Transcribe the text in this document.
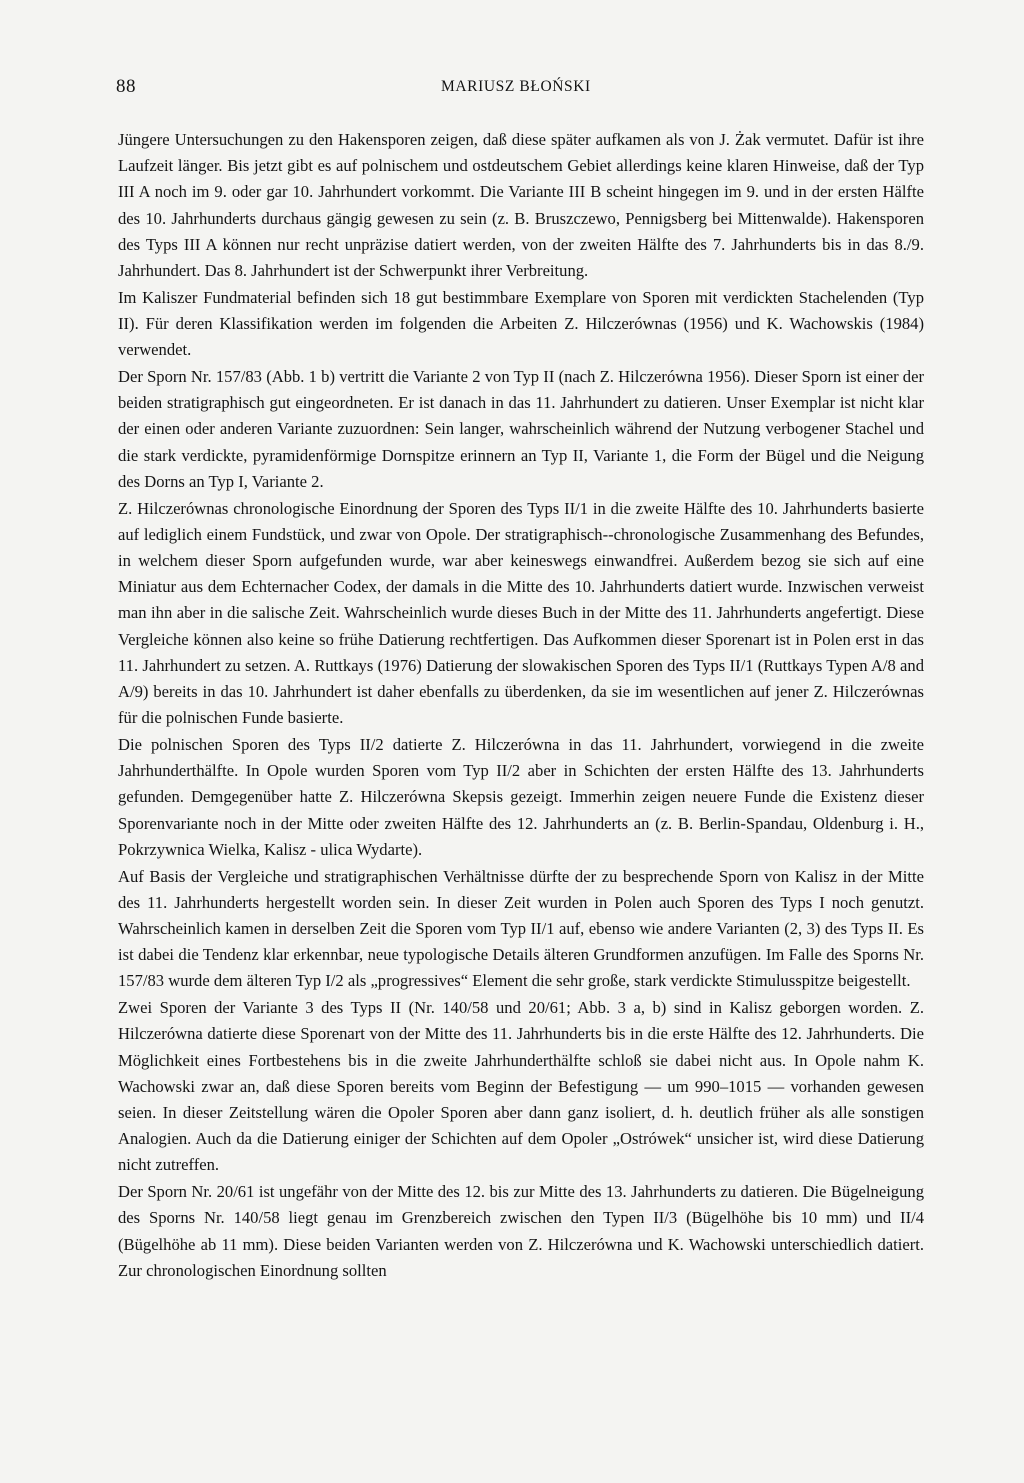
88	MARIUSZ BŁOŃSKI

Jüngere Untersuchungen zu den Hakensporen zeigen, daß diese später aufkamen als von J. Żak vermutet. Dafür ist ihre Laufzeit länger. Bis jetzt gibt es auf polnischem und ostdeutschem Gebiet allerdings keine klaren Hinweise, daß der Typ III A noch im 9. oder gar 10. Jahrhundert vorkommt. Die Variante III B scheint hingegen im 9. und in der ersten Hälfte des 10. Jahrhunderts durchaus gängig gewesen zu sein (z. B. Bruszczewo, Pennigsberg bei Mittenwalde). Hakensporen des Typs III A können nur recht unpräzise datiert werden, von der zweiten Hälfte des 7. Jahrhunderts bis in das 8./9. Jahrhundert. Das 8. Jahrhundert ist der Schwerpunkt ihrer Verbreitung.

Im Kaliszer Fundmaterial befinden sich 18 gut bestimmbare Exemplare von Sporen mit verdickten Stachelenden (Typ II). Für deren Klassifikation werden im folgenden die Arbeiten Z. Hilczerównas (1956) und K. Wachowskis (1984) verwendet.

Der Sporn Nr. 157/83 (Abb. 1 b) vertritt die Variante 2 von Typ II (nach Z. Hilczerówna 1956). Dieser Sporn ist einer der beiden stratigraphisch gut eingeordneten. Er ist danach in das 11. Jahrhundert zu datieren. Unser Exemplar ist nicht klar der einen oder anderen Variante zuzuordnen: Sein langer, wahrscheinlich während der Nutzung verbogener Stachel und die stark verdickte, pyramidenförmige Dornspitze erinnern an Typ II, Variante 1, die Form der Bügel und die Neigung des Dorns an Typ I, Variante 2.

Z. Hilczerównas chronologische Einordnung der Sporen des Typs II/1 in die zweite Hälfte des 10. Jahrhunderts basierte auf lediglich einem Fundstück, und zwar von Opole. Der stratigraphisch--chronologische Zusammenhang des Befundes, in welchem dieser Sporn aufgefunden wurde, war aber keineswegs einwandfrei. Außerdem bezog sie sich auf eine Miniatur aus dem Echternacher Codex, der damals in die Mitte des 10. Jahrhunderts datiert wurde. Inzwischen verweist man ihn aber in die salische Zeit. Wahrscheinlich wurde dieses Buch in der Mitte des 11. Jahrhunderts angefertigt. Diese Vergleiche können also keine so frühe Datierung rechtfertigen. Das Aufkommen dieser Sporenart ist in Polen erst in das 11. Jahrhundert zu setzen. A. Ruttkays (1976) Datierung der slowakischen Sporen des Typs II/1 (Ruttkays Typen A/8 and A/9) bereits in das 10. Jahrhundert ist daher ebenfalls zu überdenken, da sie im wesentlichen auf jener Z. Hilczerównas für die polnischen Funde basierte.

Die polnischen Sporen des Typs II/2 datierte Z. Hilczerówna in das 11. Jahrhundert, vorwiegend in die zweite Jahrhunderthälfte. In Opole wurden Sporen vom Typ II/2 aber in Schichten der ersten Hälfte des 13. Jahrhunderts gefunden. Demgegenüber hatte Z. Hilczerówna Skepsis gezeigt. Immerhin zeigen neuere Funde die Existenz dieser Sporenvariante noch in der Mitte oder zweiten Hälfte des 12. Jahrhunderts an (z. B. Berlin-Spandau, Oldenburg i. H., Pokrzywnica Wielka, Kalisz - ulica Wydarte).

Auf Basis der Vergleiche und stratigraphischen Verhältnisse dürfte der zu besprechende Sporn von Kalisz in der Mitte des 11. Jahrhunderts hergestellt worden sein. In dieser Zeit wurden in Polen auch Sporen des Typs I noch genutzt. Wahrscheinlich kamen in derselben Zeit die Sporen vom Typ II/1 auf, ebenso wie andere Varianten (2, 3) des Typs II. Es ist dabei die Tendenz klar erkennbar, neue typologische Details älteren Grundformen anzufügen. Im Falle des Sporns Nr. 157/83 wurde dem älteren Typ I/2 als „progressives“ Element die sehr große, stark verdickte Stimulusspitze beigestellt.

Zwei Sporen der Variante 3 des Typs II (Nr. 140/58 und 20/61; Abb. 3 a, b) sind in Kalisz geborgen worden. Z. Hilczerówna datierte diese Sporenart von der Mitte des 11. Jahrhunderts bis in die erste Hälfte des 12. Jahrhunderts. Die Möglichkeit eines Fortbestehens bis in die zweite Jahrhunderthälfte schloß sie dabei nicht aus. In Opole nahm K. Wachowski zwar an, daß diese Sporen bereits vom Beginn der Befestigung — um 990–1015 — vorhanden gewesen seien. In dieser Zeitstellung wären die Opoler Sporen aber dann ganz isoliert, d. h. deutlich früher als alle sonstigen Analogien. Auch da die Datierung einiger der Schichten auf dem Opoler „Ostrówek“ unsicher ist, wird diese Datierung nicht zutreffen.

Der Sporn Nr. 20/61 ist ungefähr von der Mitte des 12. bis zur Mitte des 13. Jahrhunderts zu datieren. Die Bügelneigung des Sporns Nr. 140/58 liegt genau im Grenzbereich zwischen den Typen II/3 (Bügelhöhe bis 10 mm) und II/4 (Bügelhöhe ab 11 mm). Diese beiden Varianten werden von Z. Hilczerówna und K. Wachowski unterschiedlich datiert. Zur chronologischen Einordnung sollten
